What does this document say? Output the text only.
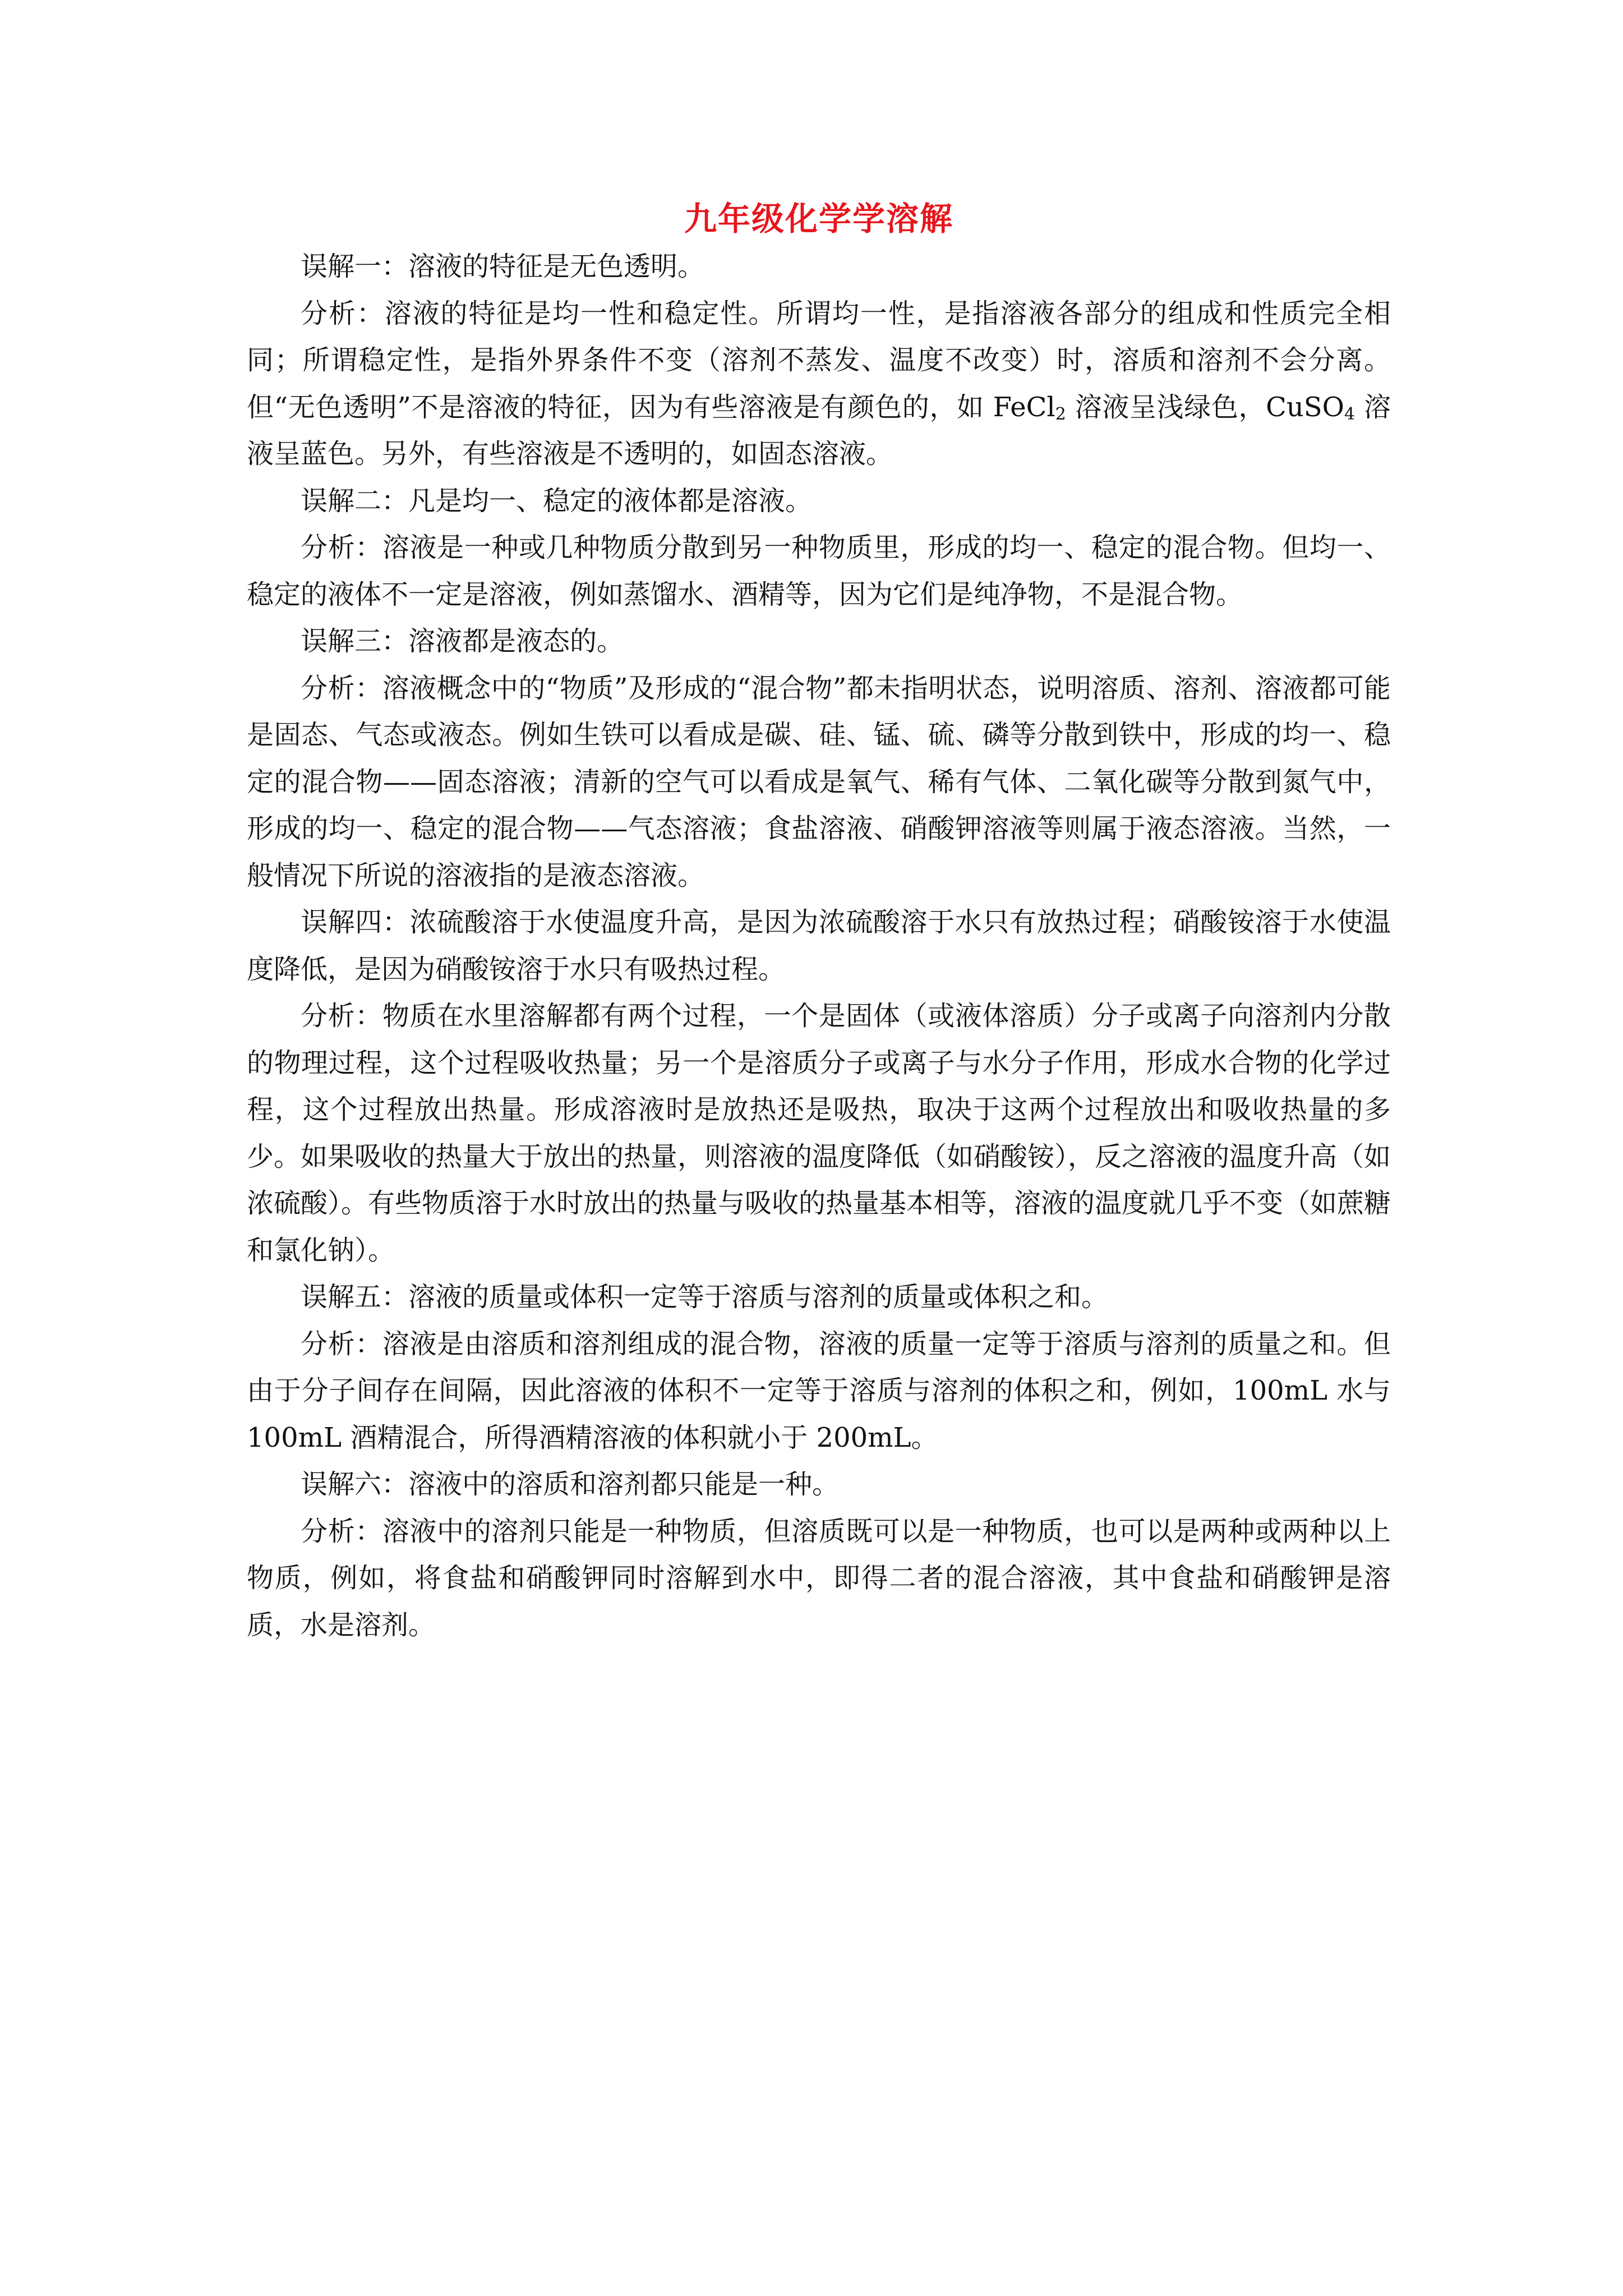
九年级化学学溶解

误解一：溶液的特征是无色透明。

分析：溶液的特征是均一性和稳定性。所谓均一性，是指溶液各部分的组成和性质完全相同；所谓稳定性，是指外界条件不变（溶剂不蒸发、温度不改变）时，溶质和溶剂不会分离。但“无色透明”不是溶液的特征，因为有些溶液是有颜色的，如 FeCl$_2$ 溶液呈浅绿色，CuSO$_4$ 溶液呈蓝色。另外，有些溶液是不透明的，如固态溶液。

误解二：凡是均一、稳定的液体都是溶液。

分析：溶液是一种或几种物质分散到另一种物质里，形成的均一、稳定的混合物。但均一、稳定的液体不一定是溶液，例如蒸馏水、酒精等，因为它们是纯净物，不是混合物。

误解三：溶液都是液态的。

分析：溶液概念中的“物质”及形成的“混合物”都未指明状态，说明溶质、溶剂、溶液都可能是固态、气态或液态。例如生铁可以看成是碳、硅、锰、硫、磷等分散到铁中，形成的均一、稳定的混合物——固态溶液；清新的空气可以看成是氧气、稀有气体、二氧化碳等分散到氮气中，形成的均一、稳定的混合物——气态溶液；食盐溶液、硝酸钾溶液等则属于液态溶液。当然，一般情况下所说的溶液指的是液态溶液。

误解四：浓硫酸溶于水使温度升高，是因为浓硫酸溶于水只有放热过程；硝酸铵溶于水使温度降低，是因为硝酸铵溶于水只有吸热过程。

分析：物质在水里溶解都有两个过程，一个是固体（或液体溶质）分子或离子向溶剂内分散的物理过程，这个过程吸收热量；另一个是溶质分子或离子与水分子作用，形成水合物的化学过程，这个过程放出热量。形成溶液时是放热还是吸热，取决于这两个过程放出和吸收热量的多少。如果吸收的热量大于放出的热量，则溶液的温度降低（如硝酸铵），反之溶液的温度升高（如浓硫酸）。有些物质溶于水时放出的热量与吸收的热量基本相等，溶液的温度就几乎不变（如蔗糖和氯化钠）。

误解五：溶液的质量或体积一定等于溶质与溶剂的质量或体积之和。

分析：溶液是由溶质和溶剂组成的混合物，溶液的质量一定等于溶质与溶剂的质量之和。但由于分子间存在间隔，因此溶液的体积不一定等于溶质与溶剂的体积之和，例如，100mL 水与 100mL 酒精混合，所得酒精溶液的体积就小于 200mL。

误解六：溶液中的溶质和溶剂都只能是一种。

分析：溶液中的溶剂只能是一种物质，但溶质既可以是一种物质，也可以是两种或两种以上物质，例如，将食盐和硝酸钾同时溶解到水中，即得二者的混合溶液，其中食盐和硝酸钾是溶质，水是溶剂。
